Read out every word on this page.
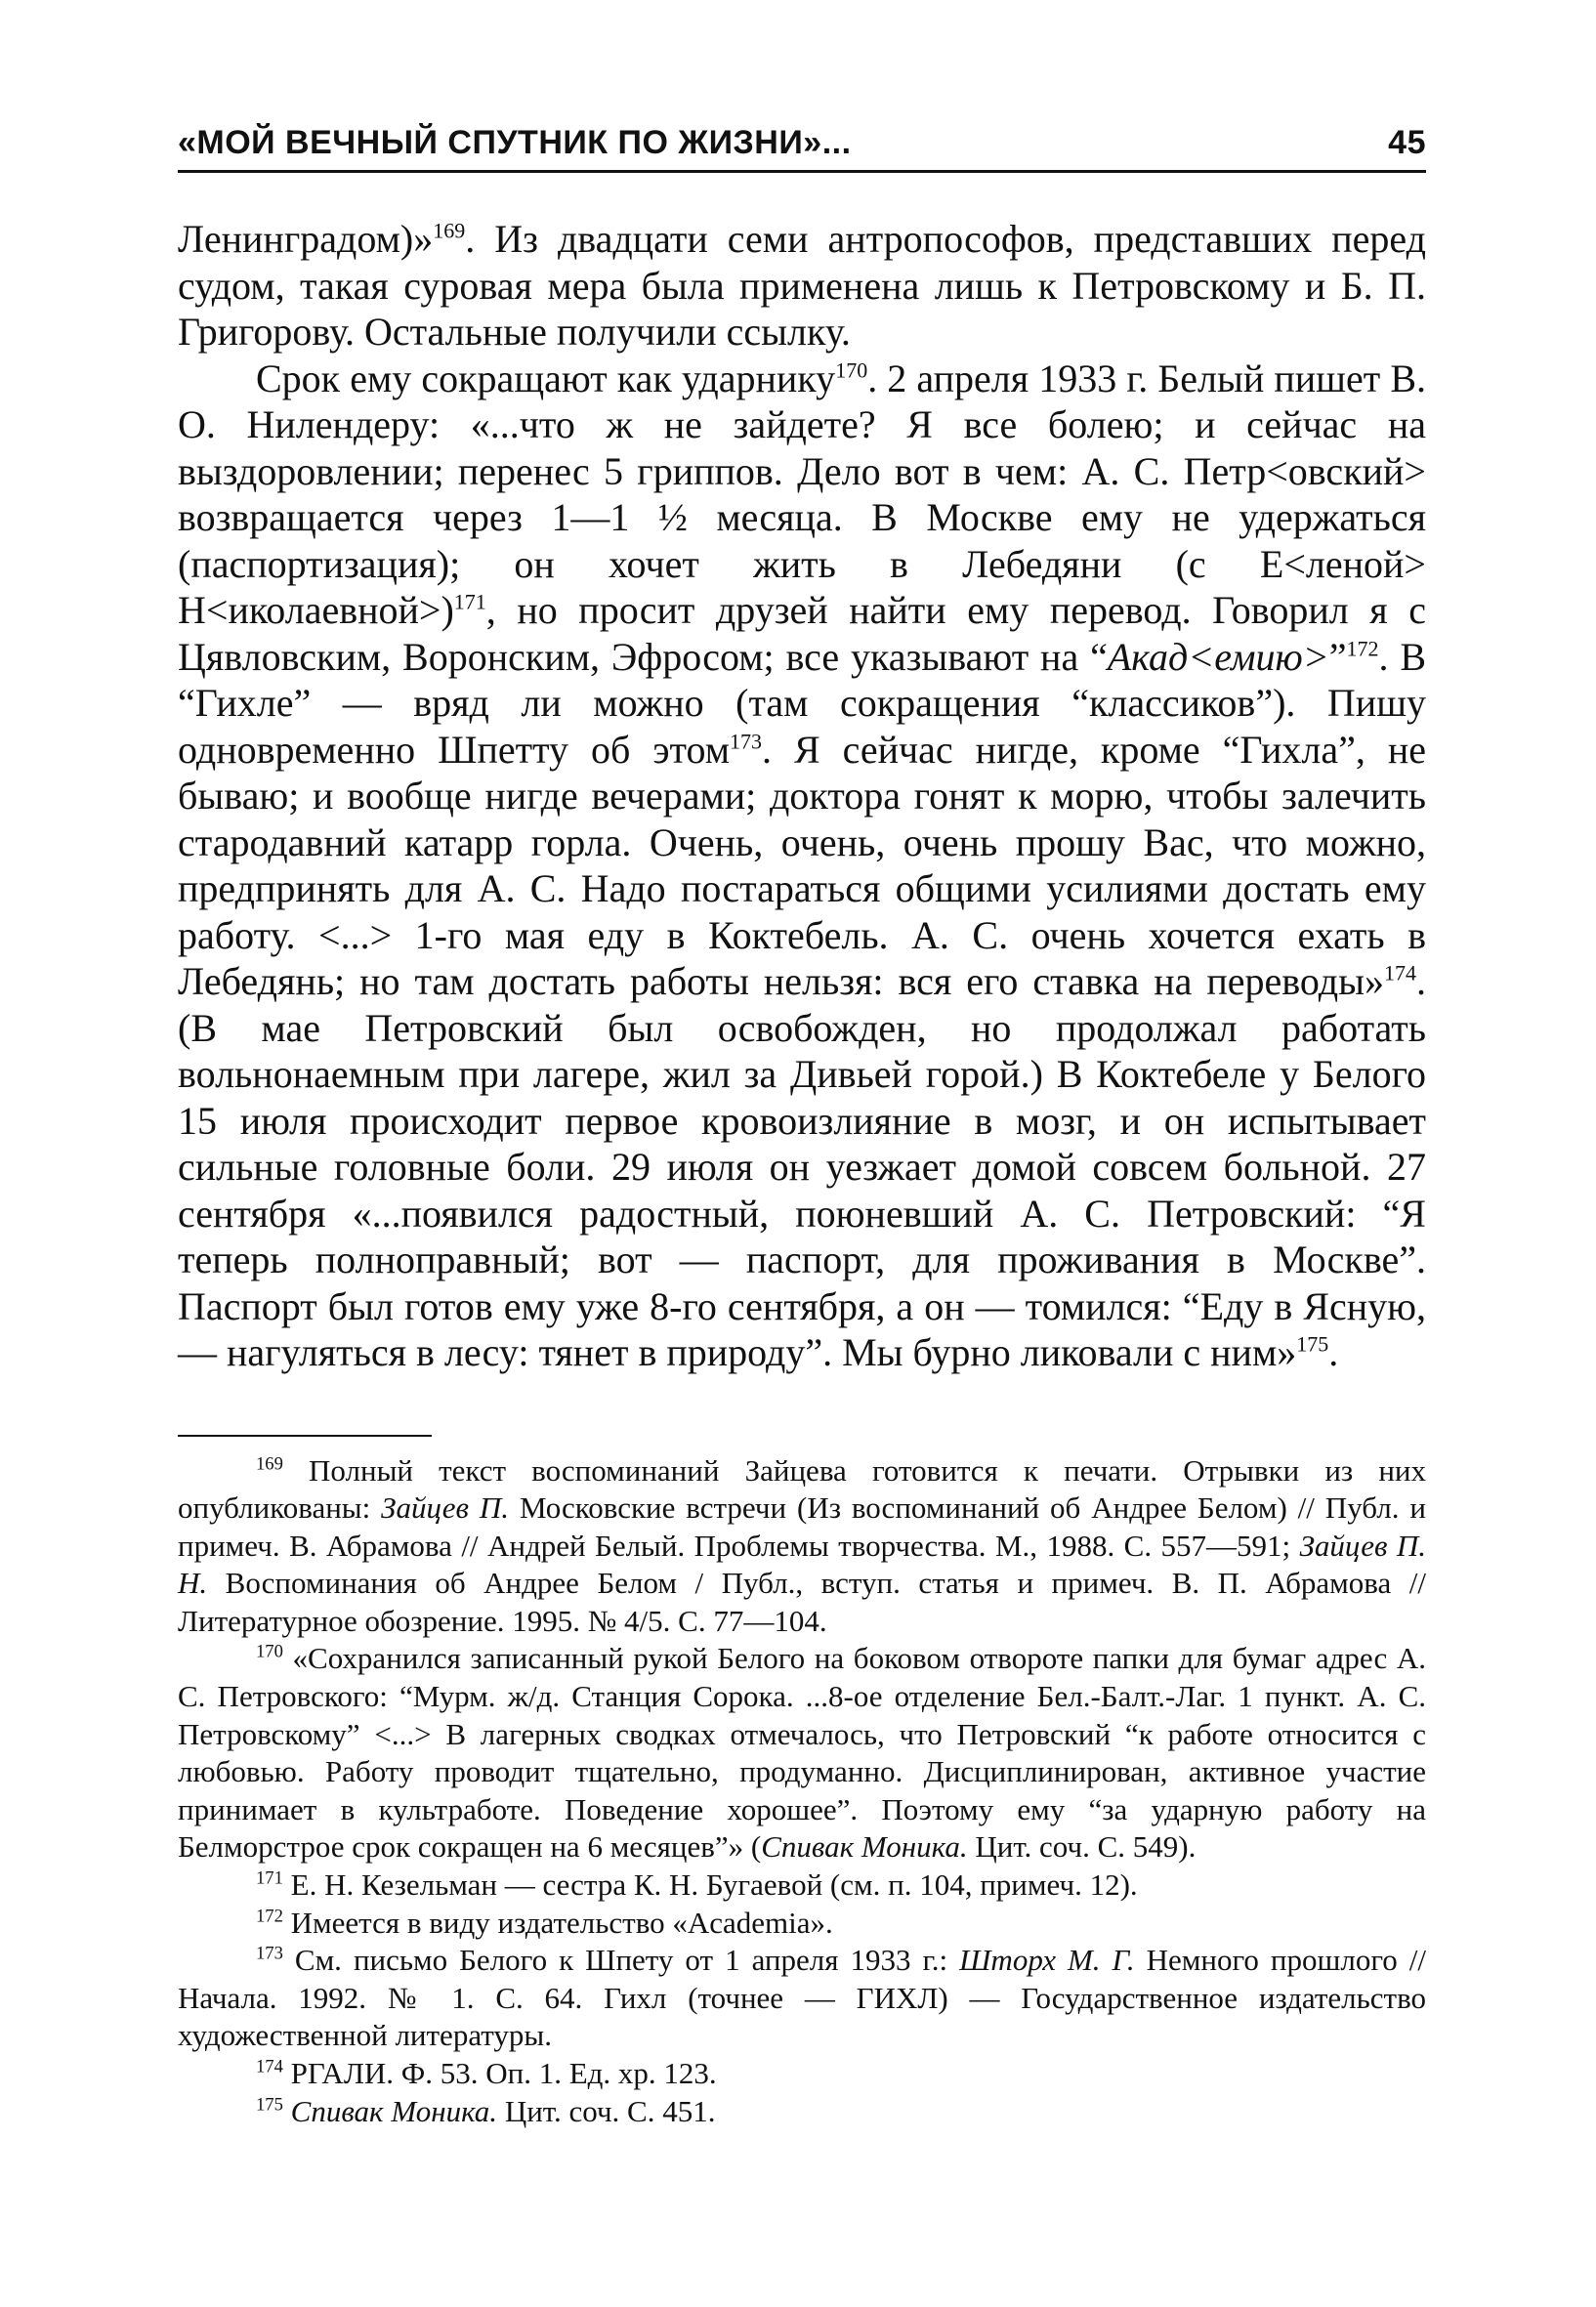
«МОЙ ВЕЧНЫЙ СПУТНИК ПО ЖИЗНИ»...	45

Ленинградом)»$^{169}$. Из двадцати семи антропософов, представших перед судом, такая суровая мера была применена лишь к Петровскому и Б. П. Григорову. Остальные получили ссылку.

Срок ему сокращают как ударнику$^{170}$. 2 апреля 1933 г. Белый пишет В. О. Нилендеру: «...что ж не зайдете? Я все болею; и сейчас на выздоровлении; перенес 5 гриппов. Дело вот в чем: А. С. Петр<овский> возвращается через 1—1 ½ месяца. В Москве ему не удержаться (паспортизация); он хочет жить в Лебедяни (с Е<леной> Н<иколаевной>)$^{171}$, но просит друзей найти ему перевод. Говорил я с Цявловским, Воронским, Эфросом; все указывают на “Акад<емию>”$^{172}$. В “Гихле” — вряд ли можно (там сокращения “классиков”). Пишу одновременно Шпетту об этом$^{173}$. Я сейчас нигде, кроме “Гихла”, не бываю; и вообще нигде вечерами; доктора гонят к морю, чтобы залечить стародавний катарр горла. Очень, очень, очень прошу Вас, что можно, предпринять для А. С. Надо постараться общими усилиями достать ему работу. <...> 1-го мая еду в Коктебель. А. С. очень хочется ехать в Лебедянь; но там достать работы нельзя: вся его ставка на переводы»$^{174}$. (В мае Петровский был освобожден, но продолжал работать вольнонаемным при лагере, жил за Дивьей горой.) В Коктебеле у Белого 15 июля происходит первое кровоизлияние в мозг, и он испытывает сильные головные боли. 29 июля он уезжает домой совсем больной. 27 сентября «...появился радостный, поюневший А. С. Петровский: “Я теперь полноправный; вот — паспорт, для проживания в Москве”. Паспорт был готов ему уже 8-го сентября, а он — томился: “Еду в Ясную, — нагуляться в лесу: тянет в природу”. Мы бурно ликовали с ним»$^{175}$.

$^{169}$ Полный текст воспоминаний Зайцева готовится к печати. Отрывки из них опубликованы: Зайцев П. Московские встречи (Из воспоминаний об Андрее Белом) // Публ. и примеч. В. Абрамова // Андрей Белый. Проблемы творчества. М., 1988. С. 557—591; Зайцев П. Н. Воспоминания об Андрее Белом / Публ., вступ. статья и примеч. В. П. Абрамова // Литературное обозрение. 1995. № 4/5. С. 77—104.

$^{170}$ «Сохранился записанный рукой Белого на боковом отвороте папки для бумаг адрес А. С. Петровского: “Мурм. ж/д. Станция Сорока. ...8-ое отделение Бел.-Балт.-Лаг. 1 пункт. А. С. Петровскому” <...> В лагерных сводках отмечалось, что Петровский “к работе относится с любовью. Работу проводит тщательно, продуманно. Дисциплинирован, активное участие принимает в культработе. Поведение хорошее”. Поэтому ему “за ударную работу на Белморстрое срок сокращен на 6 месяцев”» (Спивак Моника. Цит. соч. С. 549).

$^{171}$ Е. Н. Кезельман — сестра К. Н. Бугаевой (см. п. 104, примеч. 12).

$^{172}$ Имеется в виду издательство «Academia».

$^{173}$ См. письмо Белого к Шпету от 1 апреля 1933 г.: Шторх М. Г. Немного прошлого // Начала. 1992. № 1. С. 64. Гихл (точнее — ГИХЛ) — Государственное издательство художественной литературы.

$^{174}$ РГАЛИ. Ф. 53. Оп. 1. Ед. хр. 123.

$^{175}$ Спивак Моника. Цит. соч. С. 451.
